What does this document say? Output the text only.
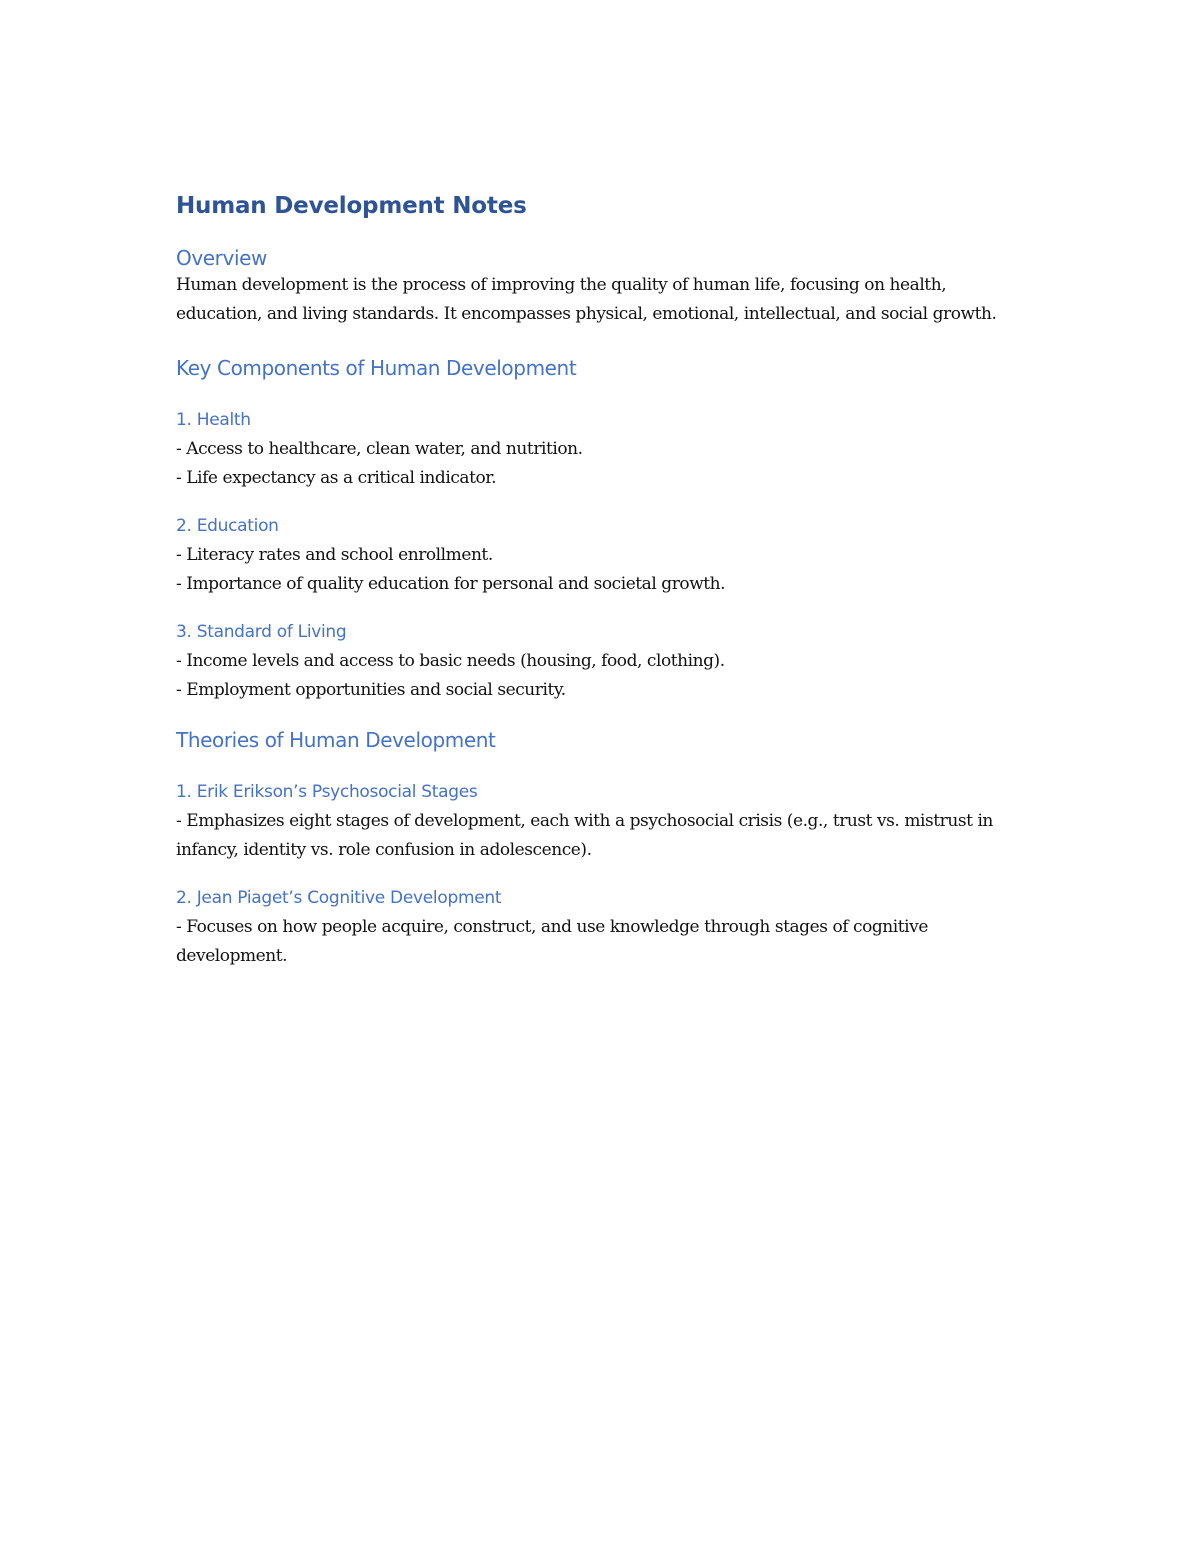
Human Development Notes
Overview

Human development is the process of improving the quality of human life, focusing on health, education, and living standards. It encompasses physical, emotional, intellectual, and social growth.

Key Components of Human Development
1. Health

- Access to healthcare, clean water, and nutrition.

- Life expectancy as a critical indicator.

2. Education

- Literacy rates and school enrollment.

- Importance of quality education for personal and societal growth.

3. Standard of Living

- Income levels and access to basic needs (housing, food, clothing).

- Employment opportunities and social security.

Theories of Human Development
1. Erik Erikson’s Psychosocial Stages

- Emphasizes eight stages of development, each with a psychosocial crisis (e.g., trust vs. mistrust in infancy, identity vs. role confusion in adolescence).

2. Jean Piaget’s Cognitive Development

- Focuses on how people acquire, construct, and use knowledge through stages of cognitive development.
